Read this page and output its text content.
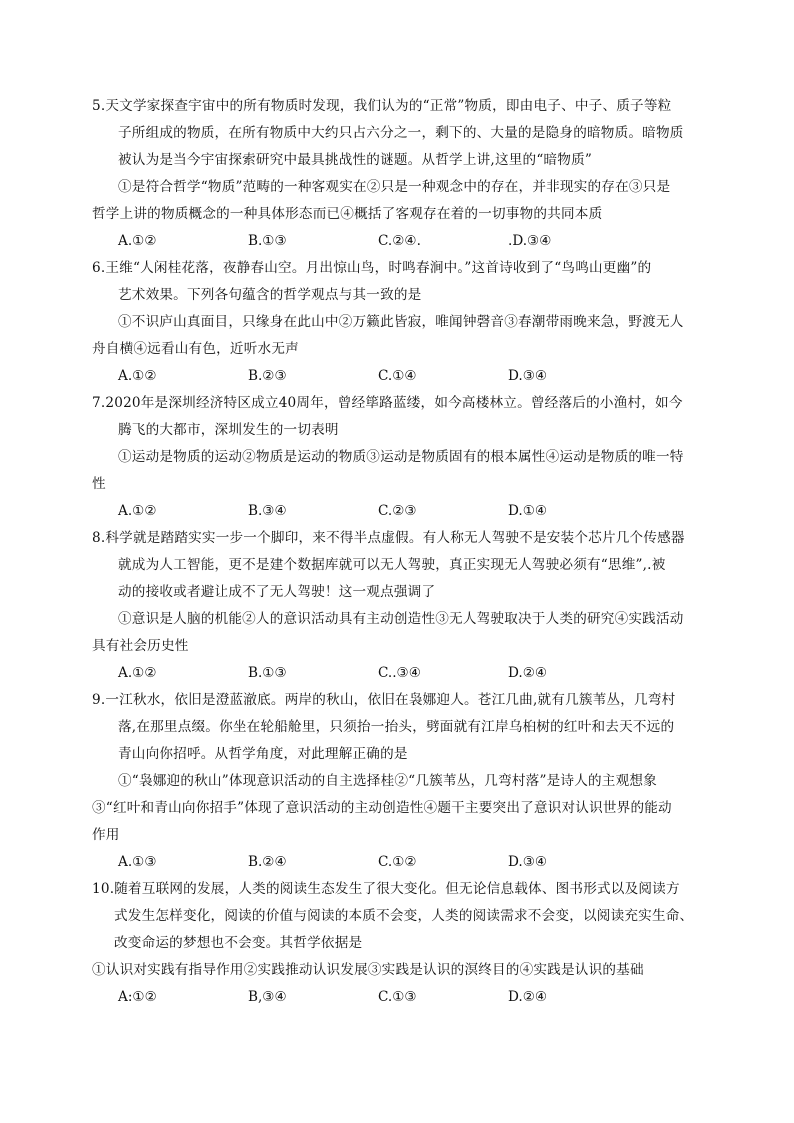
5.天文学家探查宇宙中的所有物质时发现，我们认为的“正常”物质，即由电子、中子、质子等粒
子所组成的物质，在所有物质中大约只占六分之一，剩下的、大量的是隐身的暗物质。暗物质
被认为是当今宇宙探索研究中最具挑战性的谜题。从哲学上讲,这里的“暗物质”
①是符合哲学“物质”范畴的一种客观实在②只是一种观念中的存在，并非现实的存在③只是
哲学上讲的物质概念的一种具体形态而已④概括了客观存在着的一切事物的共同本质
A.①②	B.①③	C.②④.	.D.③④
6.王维“人闲桂花落，夜静春山空。月出惊山鸟，时鸣春涧中。”这首诗收到了“鸟鸣山更幽”的
艺术效果。下列各句蕴含的哲学观点与其一致的是
①不识庐山真面目，只缘身在此山中②万籁此皆寂，唯闻钟磬音③春潮带雨晚来急，野渡无人
舟自横④远看山有色，近听水无声
A.①②	B.②③	C.①④	D.③④
7.2020年是深圳经济特区成立40周年，曾经筚路蓝缕，如今高楼林立。曾经落后的小渔村，如今
腾飞的大都市，深圳发生的一切表明
①运动是物质的运动②物质是运动的物质③运动是物质固有的根本属性④运动是物质的唯一特
性
A.①②	B.③④	C.②③	D.①④
8.科学就是踏踏实实一步一个脚印，来不得半点虚假。有人称无人驾驶不是安装个芯片几个传感器
就成为人工智能，更不是建个数据库就可以无人驾驶，真正实现无人驾驶必须有“思维”,.被
动的接收或者避让成不了无人驾驶！这一观点强调了
①意识是人脑的机能②人的意识活动具有主动创造性③无人驾驶取决于人类的研究④实践活动
具有社会历史性
A.①②	B.①③	C..③④	D.②④
9.一江秋水，依旧是澄蓝澈底。两岸的秋山，依旧在袅娜迎人。苍江几曲,就有几簇苇丛，几弯村
落,在那里点缀。你坐在轮船舱里，只须抬一抬头，劈面就有江岸乌桕树的红叶和去天不远的
青山向你招呼。从哲学角度，对此理解正确的是
①“袅娜迎的秋山”体现意识活动的自主选择桂②“几簇苇丛，几弯村落”是诗人的主观想象
③“红叶和青山向你招手”体现了意识活动的主动创造性④题干主要突出了意识对认识世界的能动
作用
A.①③	B.②④	C.①②	D.③④
10.随着互联网的发展，人类的阅读生态发生了很大变化。但无论信息载体、图书形式以及阅读方
式发生怎样变化，阅读的价值与阅读的本质不会变，人类的阅读需求不会变，以阅读充实生命、
改变命运的梦想也不会变。其哲学依据是
①认识对实践有指导作用②实践推动认识发展③实践是认识的溟终目的④实践是认识的基础
A:①②	B,③④	C.①③	D.②④
